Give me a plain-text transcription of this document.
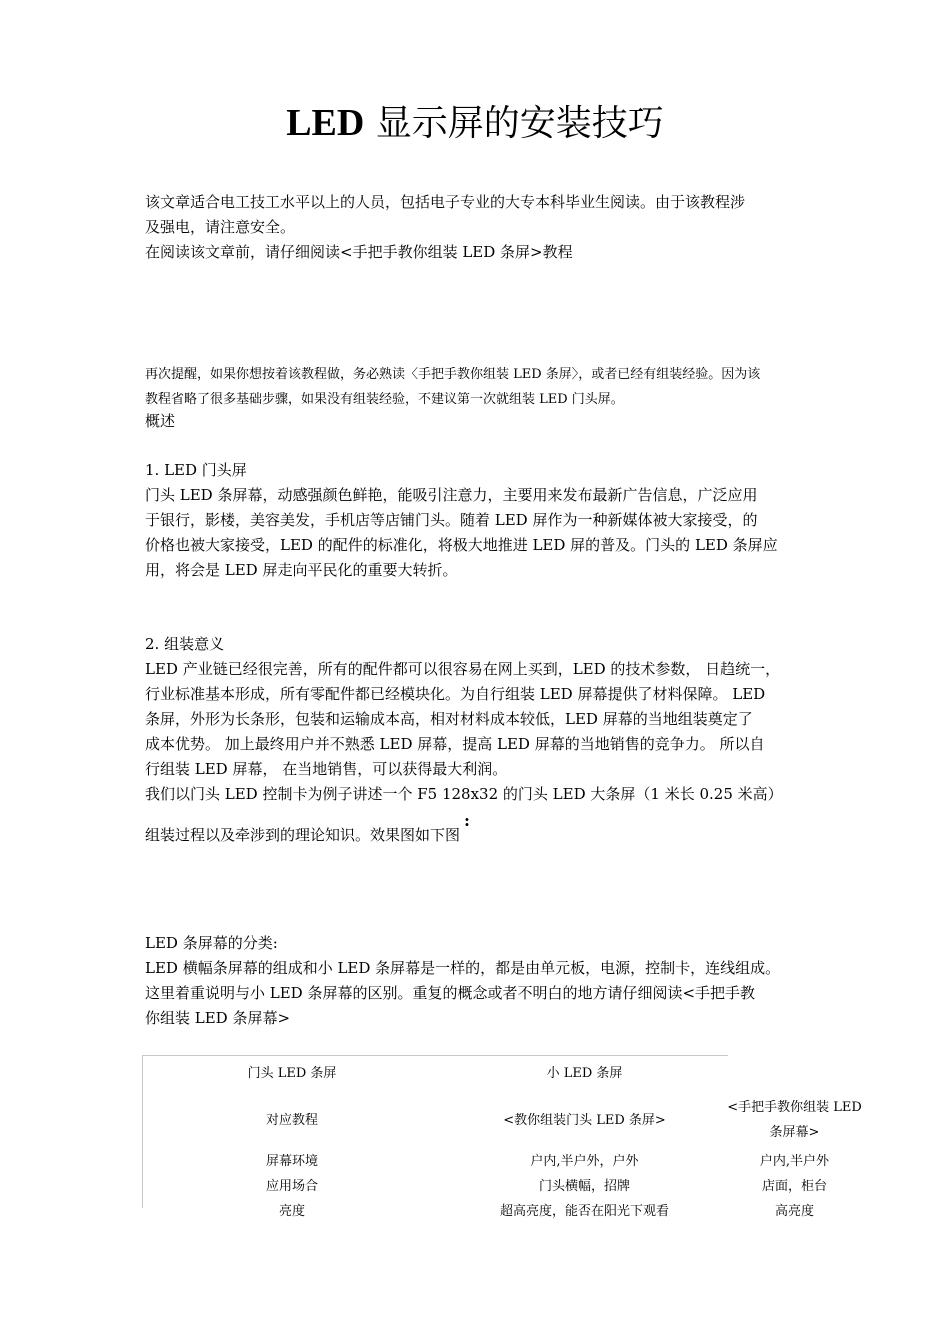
LED 显示屏的安装技巧

该文章适合电工技工水平以上的人员，包括电子专业的大专本科毕业生阅读。由于该教程涉

及强电，请注意安全。

在阅读该文章前，请仔细阅读<手把手教你组装 LED 条屏>教程

再次提醒，如果你想按着该教程做，务必熟读〈手把手教你组装 LED 条屏〉，或者已经有组装经验。因为该

教程省略了很多基础步骤，如果没有组装经验，不建议第一次就组装 LED 门头屏。

概述

1. LED 门头屏

门头 LED 条屏幕，动感强颜色鲜艳，能吸引注意力，主要用来发布最新广告信息，广泛应用

于银行，影楼，美容美发，手机店等店铺门头。随着 LED 屏作为一种新媒体被大家接受，的

价格也被大家接受，LED 的配件的标准化，将极大地推进 LED 屏的普及。门头的 LED 条屏应

用，将会是 LED 屏走向平民化的重要大转折。

2. 组装意义

LED 产业链已经很完善，所有的配件都可以很容易在网上买到，LED 的技术参数， 日趋统一，

行业标准基本形成，所有零配件都已经模块化。为自行组装 LED 屏幕提供了材料保障。 LED

条屏，外形为长条形，包装和运输成本高，相对材料成本较低，LED 屏幕的当地组装奠定了

成本优势。 加上最终用户并不熟悉 LED 屏幕，提高 LED 屏幕的当地销售的竞争力。 所以自

行组装 LED 屏幕， 在当地销售，可以获得最大利润。

我们以门头 LED 控制卡为例子讲述一个 F5 128x32 的门头 LED 大条屏（1 米长 0.25 米高）

组装过程以及牵涉到的理论知识。效果图如下图:

LED 条屏幕的分类:

LED 横幅条屏幕的组成和小 LED 条屏幕是一样的，都是由单元板，电源，控制卡，连线组成。

这里着重说明与小 LED 条屏幕的区别。重复的概念或者不明白的地方请仔细阅读<手把手教

你组装 LED 条屏幕>

门头 LED 条屏	小 LED 条屏	
对应教程	<教你组装门头 LED 条屏>	<手把手教你组装 LED
条屏幕>

屏幕环境	户内,半户外，户外	户内,半户外
应用场合	门头横幅，招牌	店面，柜台
亮度	超高亮度，能否在阳光下观看	高亮度
